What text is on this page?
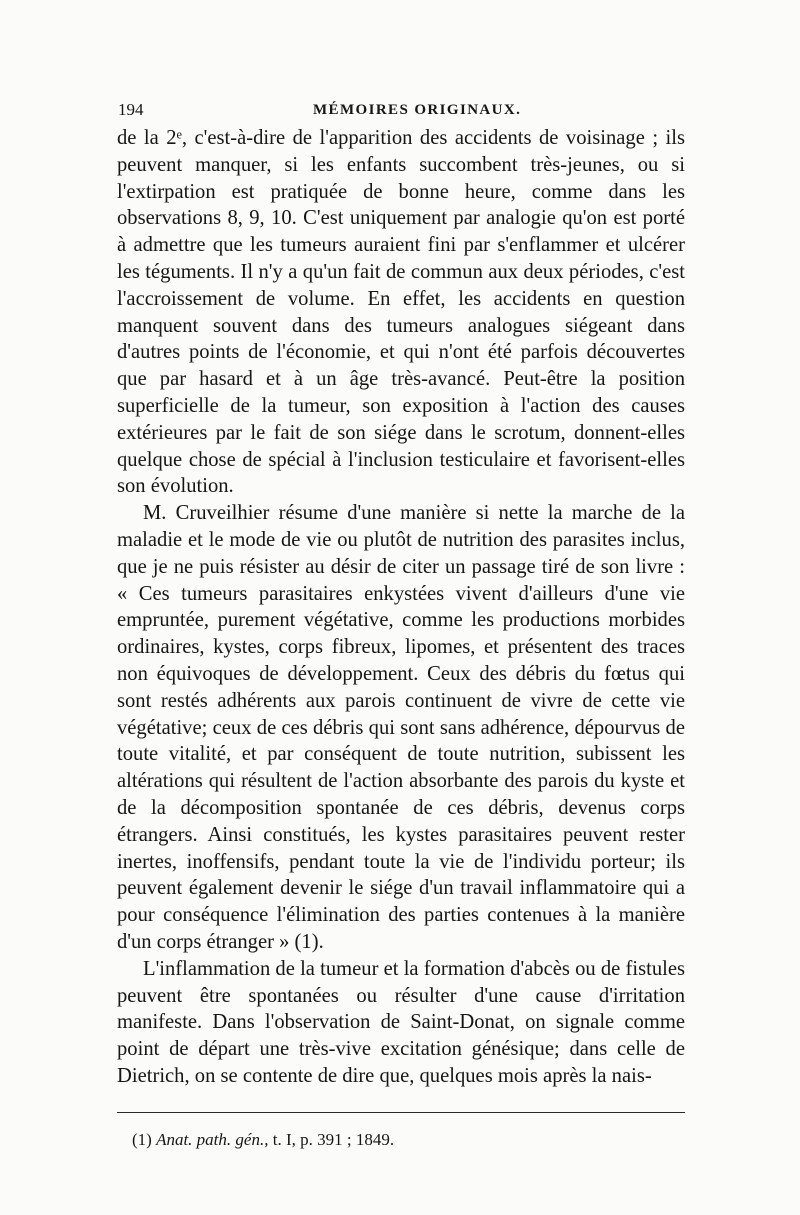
194	MÉMOIRES ORIGINAUX.

de la 2ᵉ, c'est-à-dire de l'apparition des accidents de voisinage ; ils peuvent manquer, si les enfants succombent très-jeunes, ou si l'extirpation est pratiquée de bonne heure, comme dans les observations 8, 9, 10. C'est uniquement par analogie qu'on est porté à admettre que les tumeurs auraient fini par s'enflammer et ulcérer les téguments. Il n'y a qu'un fait de commun aux deux périodes, c'est l'accroissement de volume. En effet, les accidents en question manquent souvent dans des tumeurs analogues siégeant dans d'autres points de l'économie, et qui n'ont été parfois découvertes que par hasard et à un âge très-avancé. Peut-être la position superficielle de la tumeur, son exposition à l'action des causes extérieures par le fait de son siége dans le scrotum, donnent-elles quelque chose de spécial à l'inclusion testiculaire et favorisent-elles son évolution.

M. Cruveilhier résume d'une manière si nette la marche de la maladie et le mode de vie ou plutôt de nutrition des parasites inclus, que je ne puis résister au désir de citer un passage tiré de son livre : « Ces tumeurs parasitaires enkystées vivent d'ailleurs d'une vie empruntée, purement végétative, comme les productions morbides ordinaires, kystes, corps fibreux, lipomes, et présentent des traces non équivoques de développement. Ceux des débris du fœtus qui sont restés adhérents aux parois continuent de vivre de cette vie végétative; ceux de ces débris qui sont sans adhérence, dépourvus de toute vitalité, et par conséquent de toute nutrition, subissent les altérations qui résultent de l'action absorbante des parois du kyste et de la décomposition spontanée de ces débris, devenus corps étrangers. Ainsi constitués, les kystes parasitaires peuvent rester inertes, inoffensifs, pendant toute la vie de l'individu porteur; ils peuvent également devenir le siége d'un travail inflammatoire qui a pour conséquence l'élimination des parties contenues à la manière d'un corps étranger » (1).

L'inflammation de la tumeur et la formation d'abcès ou de fistules peuvent être spontanées ou résulter d'une cause d'irritation manifeste. Dans l'observation de Saint-Donat, on signale comme point de départ une très-vive excitation génésique; dans celle de Dietrich, on se contente de dire que, quelques mois après la nais-

(1) Anat. path. gén., t. I, p. 391 ; 1849.
